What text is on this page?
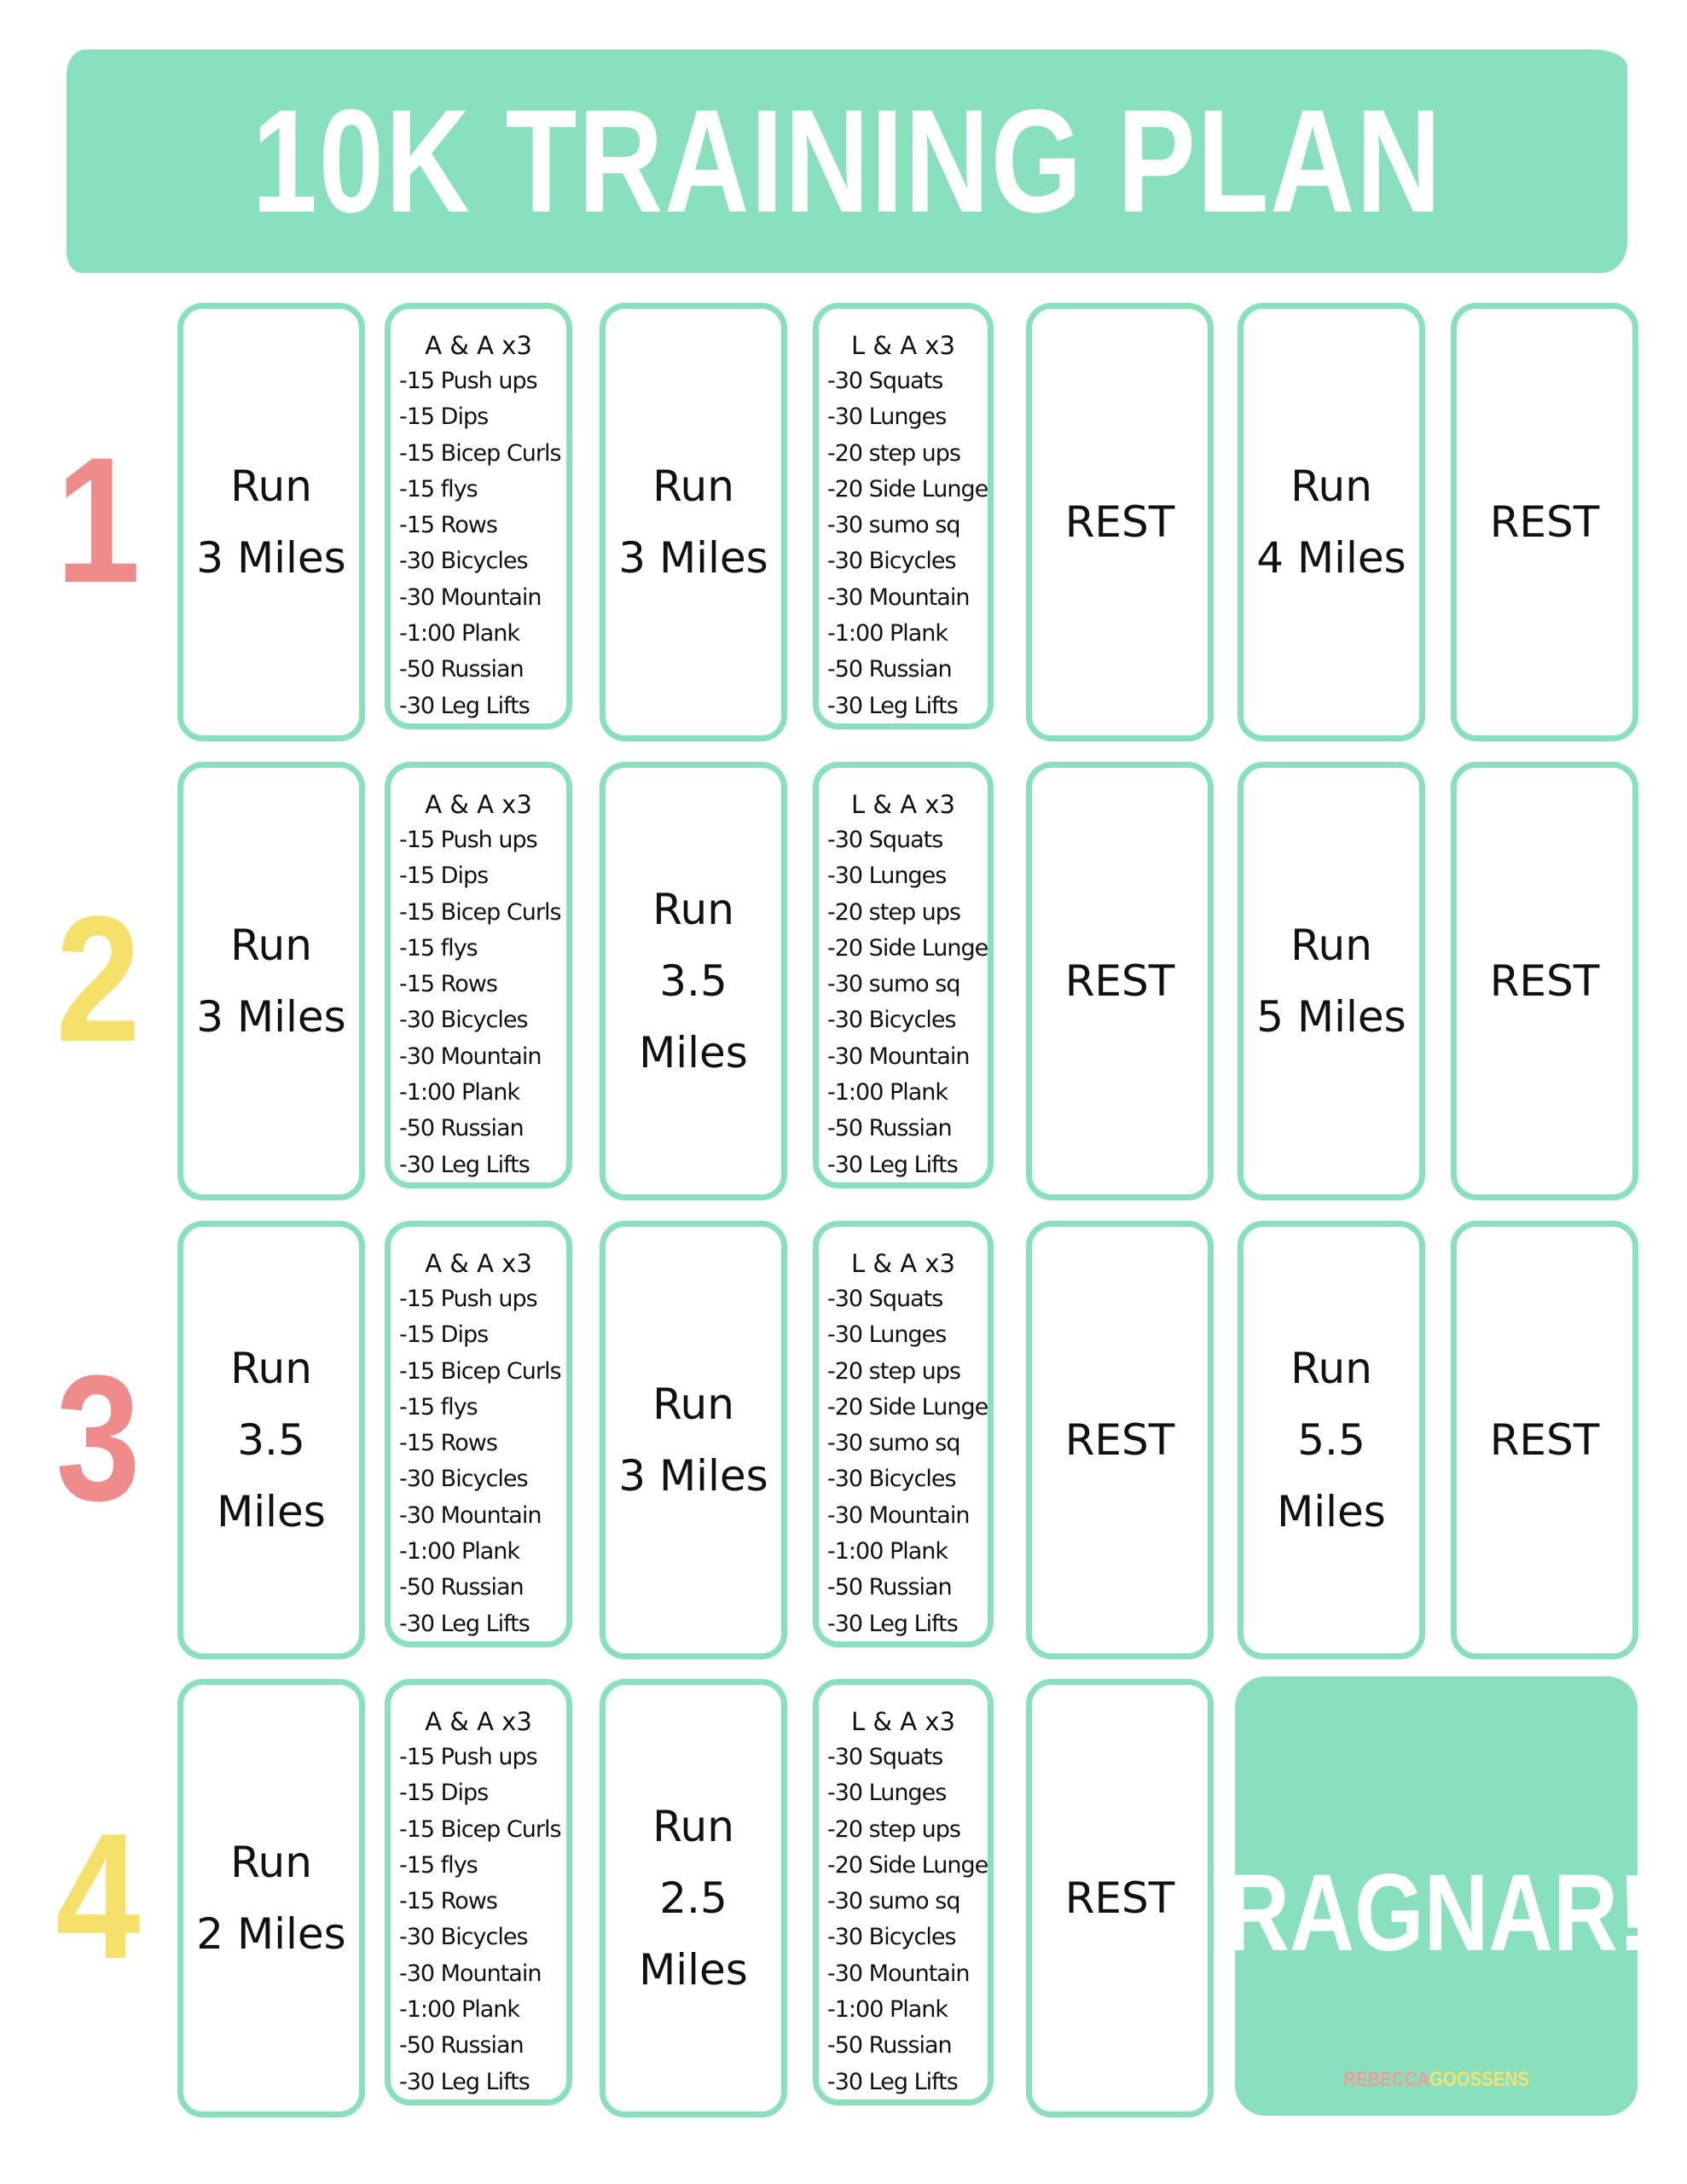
10K TRAINING PLAN
1 Run
3 Miles
A & A x3
-15 Push ups
-15 Dips
-15 Bicep Curls
-15 flys
-15 Rows
-30 Bicycles
-30 Mountain
-1:00 Plank
-50 Russian
-30 Leg Lifts
Run
3 Miles
L & A x3
-30 Squats
-30 Lunges
-20 step ups
-20 Side Lunge
-30 sumo sq
-30 Bicycles
-30 Mountain
-1:00 Plank
-50 Russian
-30 Leg Lifts
REST
Run
4 Miles
REST
2 Run
3 Miles
A & A x3
-15 Push ups
-15 Dips
-15 Bicep Curls
-15 flys
-15 Rows
-30 Bicycles
-30 Mountain
-1:00 Plank
-50 Russian
-30 Leg Lifts
Run
3.5
Miles
L & A x3
-30 Squats
-30 Lunges
-20 step ups
-20 Side Lunge
-30 sumo sq
-30 Bicycles
-30 Mountain
-1:00 Plank
-50 Russian
-30 Leg Lifts
REST
Run
5 Miles
REST
3 Run
3.5
Miles
A & A x3
-15 Push ups
-15 Dips
-15 Bicep Curls
-15 flys
-15 Rows
-30 Bicycles
-30 Mountain
-1:00 Plank
-50 Russian
-30 Leg Lifts
Run
3 Miles
L & A x3
-30 Squats
-30 Lunges
-20 step ups
-20 Side Lunge
-30 sumo sq
-30 Bicycles
-30 Mountain
-1:00 Plank
-50 Russian
-30 Leg Lifts
REST
Run
5.5
Miles
REST
4 Run
2 Miles
A & A x3
-15 Push ups
-15 Dips
-15 Bicep Curls
-15 flys
-15 Rows
-30 Bicycles
-30 Mountain
-1:00 Plank
-50 Russian
-30 Leg Lifts
Run
2.5
Miles
L & A x3
-30 Squats
-30 Lunges
-20 step ups
-20 Side Lunge
-30 sumo sq
-30 Bicycles
-30 Mountain
-1:00 Plank
-50 Russian
-30 Leg Lifts
REST RAGNAR!
REBECCAGOOSSENS
